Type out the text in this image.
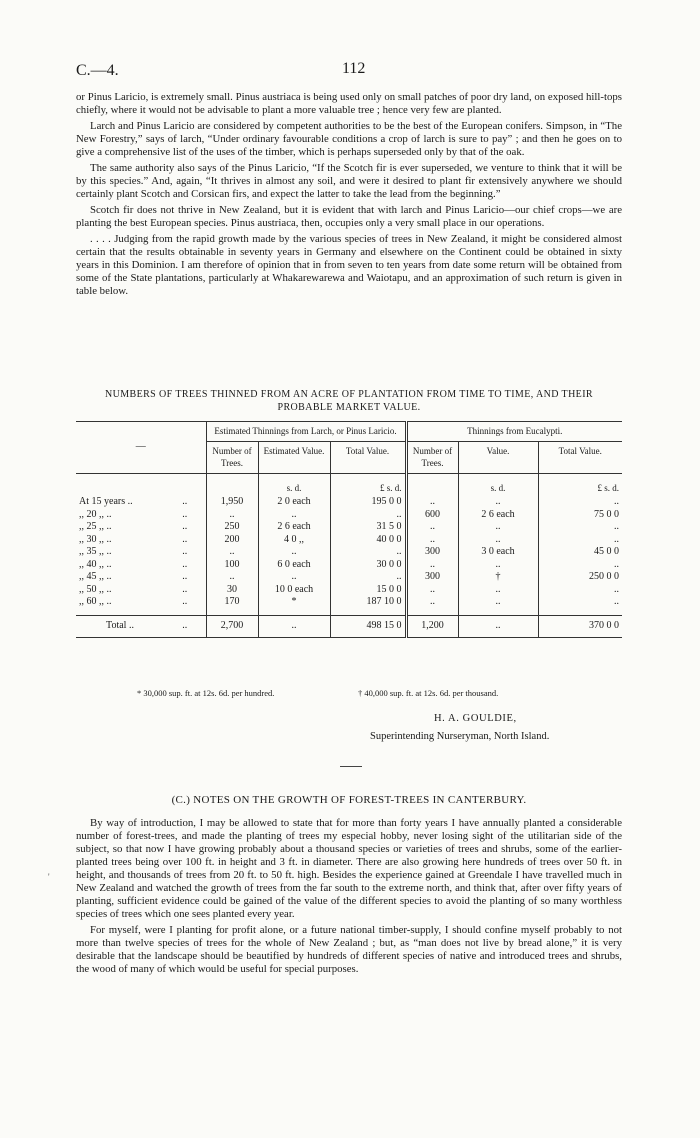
C.—4.	112

or Pinus Laricio, is extremely small. Pinus austriaca is being used only on small patches of poor dry land, on exposed hill-tops chiefly, where it would not be advisable to plant a more valuable tree ; hence very few are planted.

Larch and Pinus Laricio are considered by competent authorities to be the best of the European conifers. Simpson, in “The New Forestry,” says of larch, “Under ordinary favourable conditions a crop of larch is sure to pay” ; and then he goes on to give a comprehensive list of the uses of the timber, which is perhaps superseded only by that of the oak.

The same authority also says of the Pinus Laricio, “If the Scotch fir is ever superseded, we venture to think that it will be by this species.” And, again, “It thrives in almost any soil, and were it desired to plant fir extensively anywhere we should certainly plant Scotch and Corsican firs, and expect the latter to take the lead from the beginning.”

Scotch fir does not thrive in New Zealand, but it is evident that with larch and Pinus Laricio—our chief crops—we are planting the best European species. Pinus austriaca, then, occupies only a very small place in our operations.

. . . . Judging from the rapid growth made by the various species of trees in New Zealand, it might be considered almost certain that the results obtainable in seventy years in Germany and elsewhere on the Continent could be obtained in sixty years in this Dominion. I am therefore of opinion that in from seven to ten years from date some return will be obtained from some of the State plantations, particularly at Whakarewarewa and Waiotapu, and an approximation of such return is given in table below.

NUMBERS OF TREES THINNED FROM AN ACRE OF PLANTATION FROM TIME TO TIME, AND THEIR
PROBABLE MARKET VALUE.
—		Estimated Thinnings from Larch, or Pinus Laricio.			Thinnings from Eucalypti.		
		Number of Trees.	Estimated Value.	Total Value.	Number of Trees.	Value.	Total Value.
			s. d.	£ s. d.		s. d.	£ s. d.
At 15 years ..	..	1,950	2 0 each	195 0 0	..	..	..
,, 20 ,, ..	..	..	..	..	600	2 6 each	75 0 0
,, 25 ,, ..	..	250	2 6 each	31 5 0	..	..	..
,, 30 ,, ..	..	200	4 0 ,,	40 0 0	..	..	..
,, 35 ,, ..	..	..	..	..	300	3 0 each	45 0 0
,, 40 ,, ..	..	100	6 0 each	30 0 0	..	..	..
,, 45 ,, ..	..	..	..	..	300	†	250 0 0
,, 50 ,, ..	..	30	10 0 each	15 0 0	..	..	..
,, 60 ,, ..	..	170	*	187 10 0	..	..	..
Total ..	..	2,700	..	498 15 0	1,200	..	370 0 0
* 30,000 sup. ft. at 12s. 6d. per hundred.	† 40,000 sup. ft. at 12s. 6d. per thousand.
H. A. GOULDIE,
Superintending Nurseryman, North Island.
(C.) NOTES ON THE GROWTH OF FOREST-TREES IN CANTERBURY.

By way of introduction, I may be allowed to state that for more than forty years I have annually planted a considerable number of forest-trees, and made the planting of trees my especial hobby, never losing sight of the utilitarian side of the subject, so that now I have growing probably about a thousand species or varieties of trees and shrubs, some of the earlier-planted trees being over 100 ft. in height and 3 ft. in diameter. There are also growing here hundreds of trees over 50 ft. in height, and thousands of trees from 20 ft. to 50 ft. high. Besides the experience gained at Greendale I have travelled much in New Zealand and watched the growth of trees from the far south to the extreme north, and think that, after over fifty years of planting, sufficient evidence could be gained of the value of the different species to avoid the planting of so many worthless species of trees which one sees planted every year.

For myself, were I planting for profit alone, or a future national timber-supply, I should confine myself probably to not more than twelve species of trees for the whole of New Zealand ; but, as “man does not live by bread alone,” it is very desirable that the landscape should be beautified by hundreds of different species of native and introduced trees and shrubs, the wood of many of which would be useful for special purposes.

'
